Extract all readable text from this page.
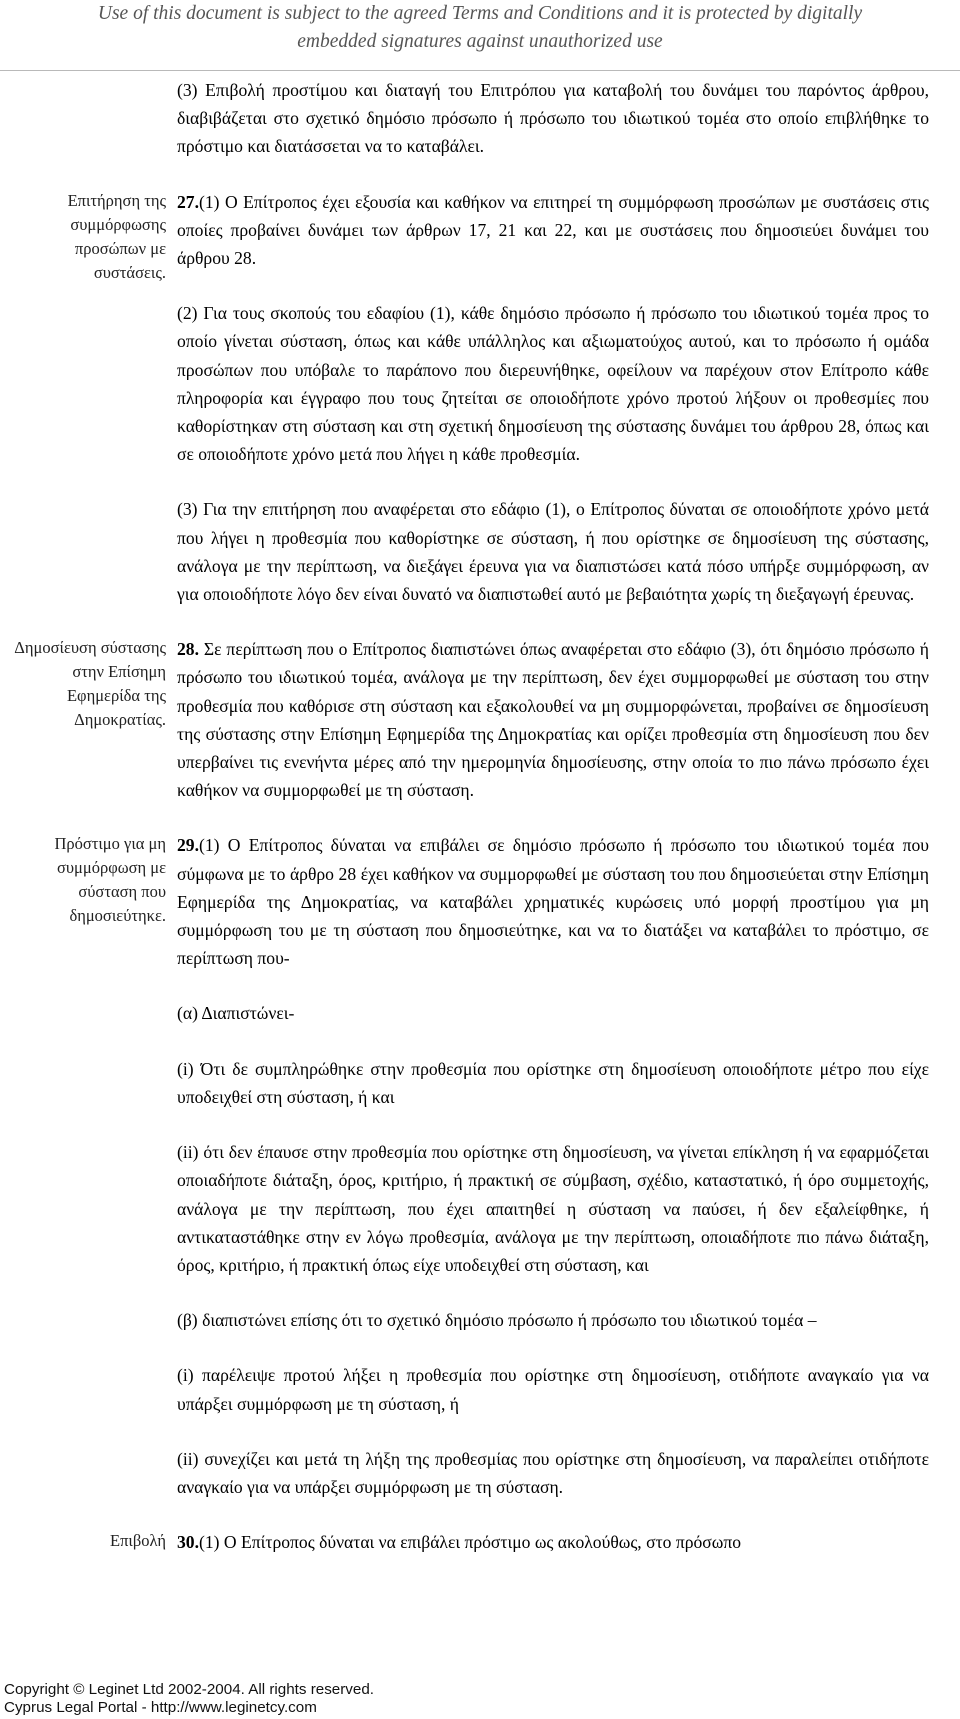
Use of this document is subject to the agreed Terms and Conditions and it is protected by digitally
embedded signatures against unauthorized use

(3) Επιβολή προστίμου και διαταγή του Επιτρόπου για καταβολή του δυνάμει του παρόντος άρθρου, διαβιβάζεται στο σχετικό δημόσιο πρόσωπο ή πρόσωπο του ιδιωτικού τομέα στο οποίο επιβλήθηκε το πρόστιμο και διατάσσεται να το καταβάλει.

Επιτήρηση της συμμόρφωσης προσώπων με συστάσεις.

27.(1) Ο Επίτροπος έχει εξουσία και καθήκον να επιτηρεί τη συμμόρφωση προσώπων με συστάσεις στις οποίες προβαίνει δυνάμει των άρθρων 17, 21 και 22, και με συστάσεις που δημοσιεύει δυνάμει του άρθρου 28.

(2) Για τους σκοπούς του εδαφίου (1), κάθε δημόσιο πρόσωπο ή πρόσωπο του ιδιωτικού τομέα προς το οποίο γίνεται σύσταση, όπως και κάθε υπάλληλος και αξιωματούχος αυτού, και το πρόσωπο ή ομάδα προσώπων που υπόβαλε το παράπονο που διερευνήθηκε, οφείλουν να παρέχουν στον Επίτροπο κάθε πληροφορία και έγγραφο που τους ζητείται σε οποιοδήποτε χρόνο προτού λήξουν οι προθεσμίες που καθορίστηκαν στη σύσταση και στη σχετική δημοσίευση της σύστασης δυνάμει του άρθρου 28, όπως και σε οποιοδήποτε χρόνο μετά που λήγει η κάθε προθεσμία.

(3) Για την επιτήρηση που αναφέρεται στο εδάφιο (1), ο Επίτροπος δύναται σε οποιοδήποτε χρόνο μετά που λήγει η προθεσμία που καθορίστηκε σε σύσταση, ή που ορίστηκε σε δημοσίευση της σύστασης, ανάλογα με την περίπτωση, να διεξάγει έρευνα για να διαπιστώσει κατά πόσο υπήρξε συμμόρφωση, αν για οποιοδήποτε λόγο δεν είναι δυνατό να διαπιστωθεί αυτό με βεβαιότητα χωρίς τη διεξαγωγή έρευνας.

Δημοσίευση σύστασης στην Επίσημη Εφημερίδα της Δημοκρατίας.

28. Σε περίπτωση που ο Επίτροπος διαπιστώνει όπως αναφέρεται στο εδάφιο (3), ότι δημόσιο πρόσωπο ή πρόσωπο του ιδιωτικού τομέα, ανάλογα με την περίπτωση, δεν έχει συμμορφωθεί με σύσταση του στην προθεσμία που καθόρισε στη σύσταση και εξακολουθεί να μη συμμορφώνεται, προβαίνει σε δημοσίευση της σύστασης στην Επίσημη Εφημερίδα της Δημοκρατίας και ορίζει προθεσμία στη δημοσίευση που δεν υπερβαίνει τις ενενήντα μέρες από την ημερομηνία δημοσίευσης, στην οποία το πιο πάνω πρόσωπο έχει καθήκον να συμμορφωθεί με τη σύσταση.

Πρόστιμο για μη συμμόρφωση με σύσταση που δημοσιεύτηκε.

29.(1) Ο Επίτροπος δύναται να επιβάλει σε δημόσιο πρόσωπο ή πρόσωπο του ιδιωτικού τομέα που σύμφωνα με το άρθρο 28 έχει καθήκον να συμμορφωθεί με σύσταση του που δημοσιεύεται στην Επίσημη Εφημερίδα της Δημοκρατίας, να καταβάλει χρηματικές κυρώσεις υπό μορφή προστίμου για μη συμμόρφωση του με τη σύσταση που δημοσιεύτηκε, και να το διατάξει να καταβάλει το πρόστιμο, σε περίπτωση που-

(α) Διαπιστώνει-

(i) Ότι δε συμπληρώθηκε στην προθεσμία που ορίστηκε στη δημοσίευση οποιοδήποτε μέτρο που είχε υποδειχθεί στη σύσταση, ή και

(ii) ότι δεν έπαυσε στην προθεσμία που ορίστηκε στη δημοσίευση, να γίνεται επίκληση ή να εφαρμόζεται οποιαδήποτε διάταξη, όρος, κριτήριο, ή πρακτική σε σύμβαση, σχέδιο, καταστατικό, ή όρο συμμετοχής, ανάλογα με την περίπτωση, που έχει απαιτηθεί η σύσταση να παύσει, ή δεν εξαλείφθηκε, ή αντικαταστάθηκε στην εν λόγω προθεσμία, ανάλογα με την περίπτωση, οποιαδήποτε πιο πάνω διάταξη, όρος, κριτήριο, ή πρακτική όπως είχε υποδειχθεί στη σύσταση, και

(β) διαπιστώνει επίσης ότι το σχετικό δημόσιο πρόσωπο ή πρόσωπο του ιδιωτικού τομέα –

(i) παρέλειψε προτού λήξει η προθεσμία που ορίστηκε στη δημοσίευση, οτιδήποτε αναγκαίο για να υπάρξει συμμόρφωση με τη σύσταση, ή

(ii) συνεχίζει και μετά τη λήξη της προθεσμίας που ορίστηκε στη δημοσίευση, να παραλείπει οτιδήποτε αναγκαίο για να υπάρξει συμμόρφωση με τη σύσταση.

Επιβολή 30.(1) Ο Επίτροπος δύναται να επιβάλει πρόστιμο ως ακολούθως, στο πρόσωπο

Copyright © Leginet Ltd 2002-2004. All rights reserved.
Cyprus Legal Portal - http://www.leginetcy.com
